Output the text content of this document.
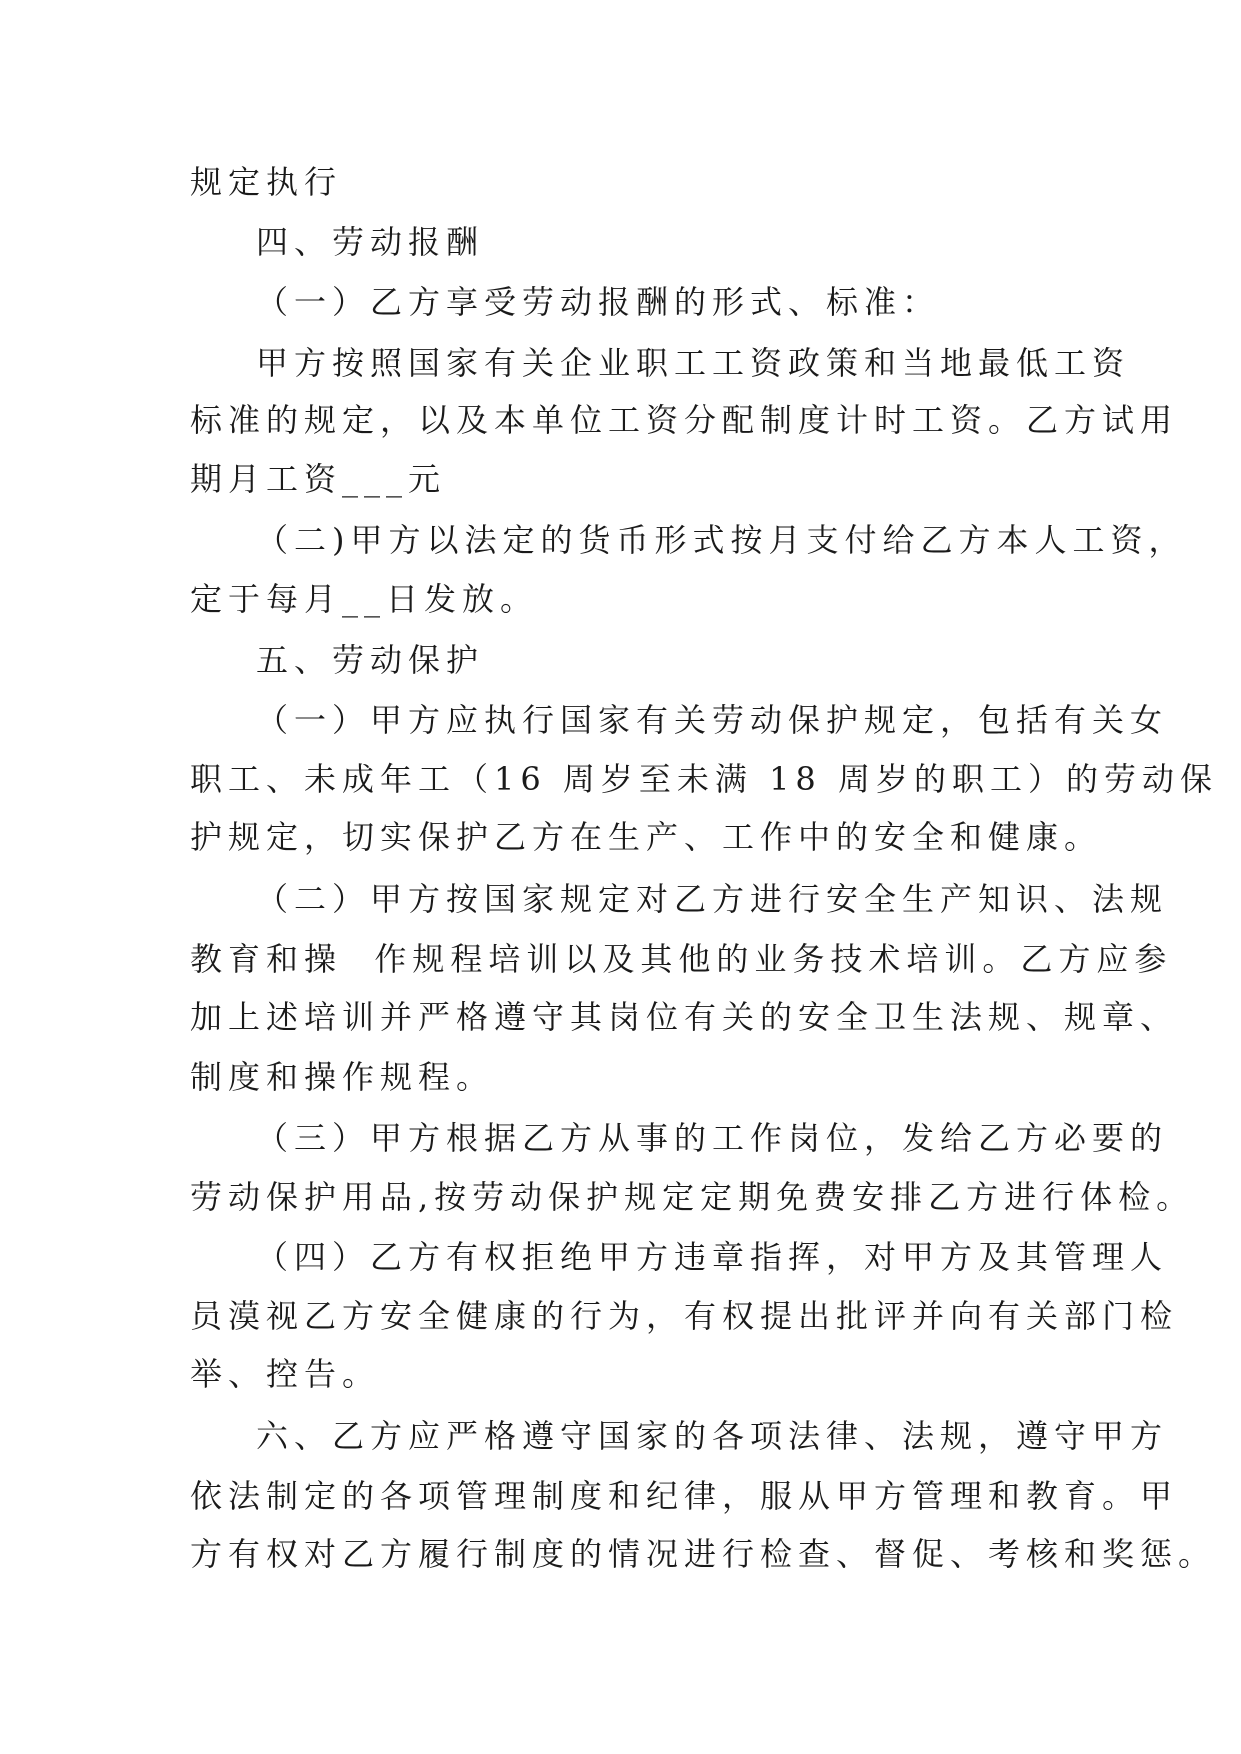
规定执行
四、劳动报酬
（一）乙方享受劳动报酬的形式、标准：
甲方按照国家有关企业职工工资政策和当地最低工资
标准的规定，以及本单位工资分配制度计时工资。乙方试用
期月工资___元
（二)甲方以法定的货币形式按月支付给乙方本人工资，
定于每月__日发放。
五、劳动保护
（一）甲方应执行国家有关劳动保护规定，包括有关女
职工、未成年工（16 周岁至未满 18 周岁的职工）的劳动保
护规定，切实保护乙方在生产、工作中的安全和健康。
（二）甲方按国家规定对乙方进行安全生产知识、法规
教育和操  作规程培训以及其他的业务技术培训。乙方应参
加上述培训并严格遵守其岗位有关的安全卫生法规、规章、
制度和操作规程。
（三）甲方根据乙方从事的工作岗位，发给乙方必要的
劳动保护用品,按劳动保护规定定期免费安排乙方进行体检。
（四）乙方有权拒绝甲方违章指挥，对甲方及其管理人
员漠视乙方安全健康的行为，有权提出批评并向有关部门检
举、控告。
六、乙方应严格遵守国家的各项法律、法规，遵守甲方
依法制定的各项管理制度和纪律，服从甲方管理和教育。甲
方有权对乙方履行制度的情况进行检查、督促、考核和奖惩。
